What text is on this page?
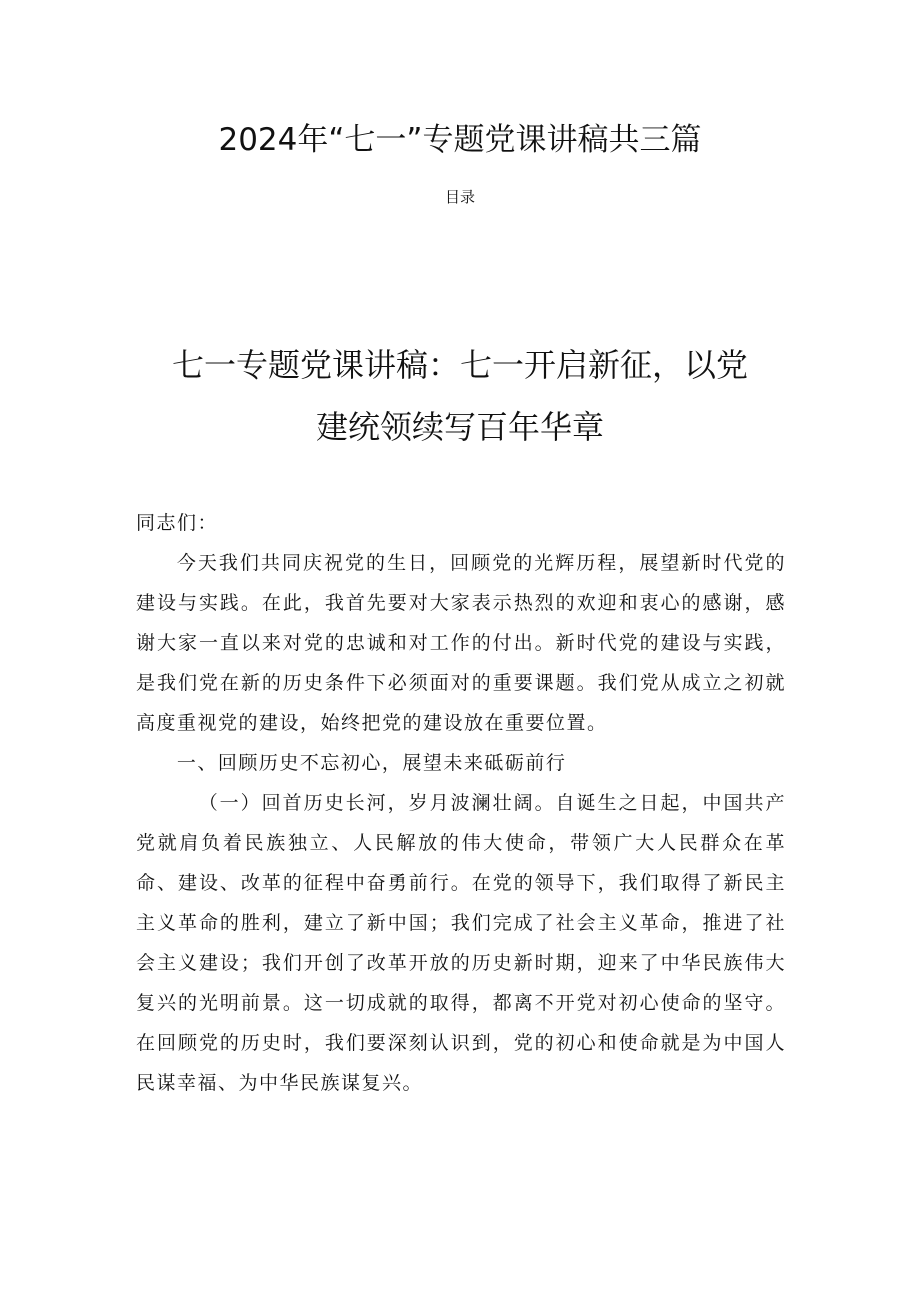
2024年“七一”专题党课讲稿共三篇
目录
七一专题党课讲稿：七一开启新征，以党
建统领续写百年华章

同志们：

今天我们共同庆祝党的生日，回顾党的光辉历程，展望新时代党的建设与实践。在此，我首先要对大家表示热烈的欢迎和衷心的感谢，感谢大家一直以来对党的忠诚和对工作的付出。新时代党的建设与实践，是我们党在新的历史条件下必须面对的重要课题。我们党从成立之初就高度重视党的建设，始终把党的建设放在重要位置。

一、回顾历史不忘初心，展望未来砥砺前行

（一）回首历史长河，岁月波澜壮阔。自诞生之日起，中国共产党就肩负着民族独立、人民解放的伟大使命，带领广大人民群众在革命、建设、改革的征程中奋勇前行。在党的领导下，我们取得了新民主主义革命的胜利，建立了新中国；我们完成了社会主义革命，推进了社会主义建设；我们开创了改革开放的历史新时期，迎来了中华民族伟大复兴的光明前景。这一切成就的取得，都离不开党对初心使命的坚守。在回顾党的历史时，我们要深刻认识到，党的初心和使命就是为中国人民谋幸福、为中华民族谋复兴。
